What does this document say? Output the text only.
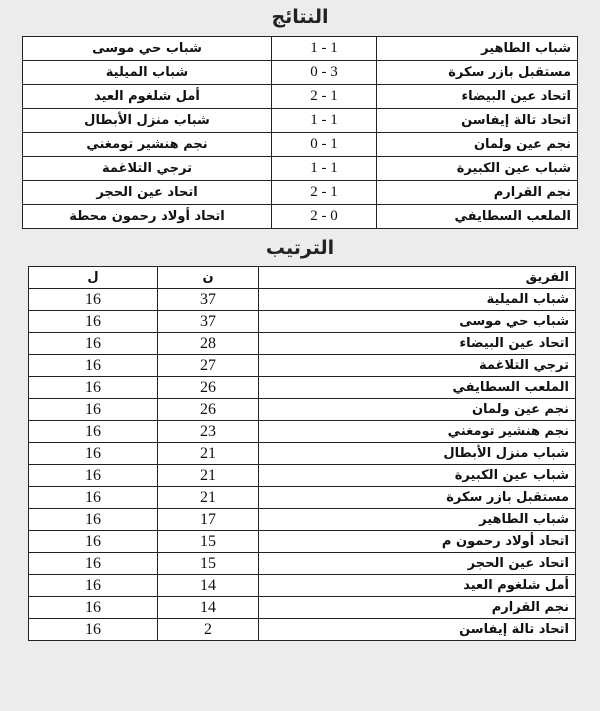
النتائج
شباب الطاهير	1 - 1	شباب حي موسى
مستقبل بازر سكرة	3 - 0	شباب الميلية
اتحاد عين البيضاء	1 - 2	أمل شلغوم العيد
اتحاد تالة إيفاسن	1 - 1	شباب منزل الأبطال
نجم عين ولمان	1 - 0	نجم هنشير تومغني
شباب عين الكبيرة	1 - 1	ترجي التلاغمة
نجم القرارم	1 - 2	اتحاد عين الحجر
الملعب السطايفي	0 - 2	اتحاد أولاد رحمون محطة
الترتيب
الفريق	ن	ل
شباب الميلية	37	16
شباب حي موسى	37	16
اتحاد عين البيضاء	28	16
ترجي التلاغمة	27	16
الملعب السطايفي	26	16
نجم عين ولمان	26	16
نجم هنشير تومغني	23	16
شباب منزل الأبطال	21	16
شباب عين الكبيرة	21	16
مستقبل بازر سكرة	21	16
شباب الطاهير	17	16
اتحاد أولاد رحمون م	15	16
اتحاد عين الحجر	15	16
أمل شلغوم العيد	14	16
نجم القرارم	14	16
اتحاد تالة إيفاسن	2	16
